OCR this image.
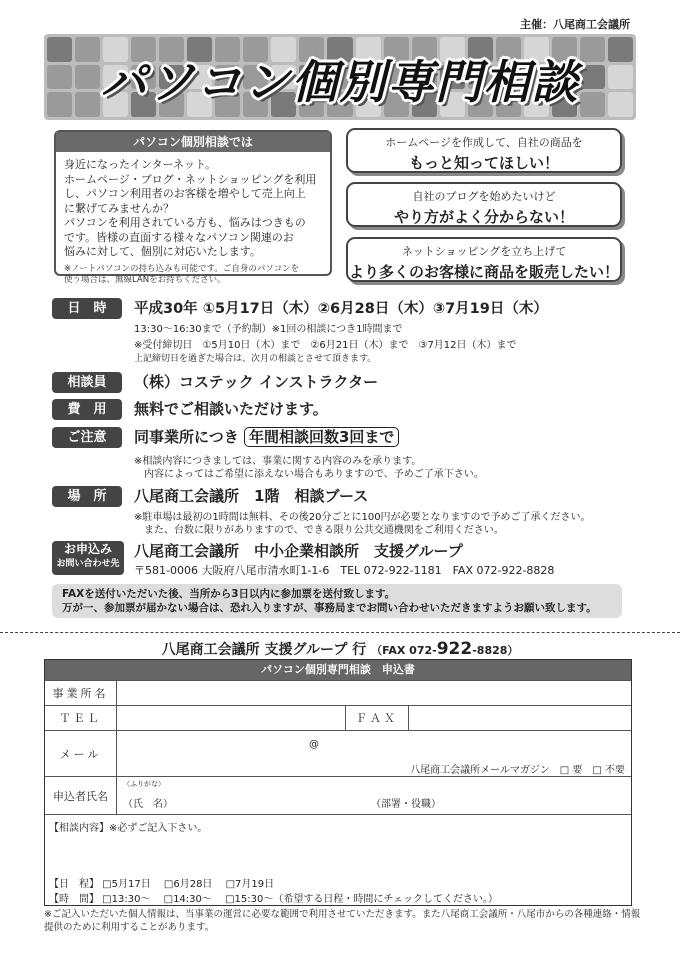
主催：八尾商工会議所
パソコン個別専門相談
パソコン個別相談では
身近になったインターネット。
ホームページ・ブログ・ネットショッピングを利用
し、パソコン利用者のお客様を増やして売上向上
に繋げてみませんか？
パソコンを利用されている方も、悩みはつきもの
です。皆様の直面する様々なパソコン関連のお
悩みに対して、個別に対応いたします。
※ノートパソコンの持ち込みも可能です。ご自身のパソコンを
使う場合は、無線LANをお持ちください。
ホームページを作成して、自社の商品を
もっと知ってほしい！
自社のブログを始めたいけど
やり方がよく分からない！
ネットショッピングを立ち上げて
より多くのお客様に商品を販売したい！
日　時	平成30年 ①5月17日（木）②6月28日（木）③7月19日（木）
13:30〜16:30まで（予約制）※1回の相談につき1時間まで
※受付締切日　①5月10日（木）まで　②6月21日（木）まで　③7月12日（木）まで
上記締切日を過ぎた場合は、次月の相談とさせて頂きます。
相談員	（株）コステック インストラクター
費　用	無料でご相談いただけます。
ご注意	同事業所につき 年間相談回数3回まで
※相談内容につきましては、事業に関する内容のみを承ります。
内容によってはご希望に添えない場合もありますので、予めご了承下さい。
場　所	八尾商工会議所　1階　相談ブース
※駐車場は最初の1時間は無料、その後20分ごとに100円が必要となりますので予めご了承ください。
また、台数に限りがありますので、できる限り公共交通機関をご利用ください。
お申込み
お問い合わせ先
八尾商工会議所　中小企業相談所　支援グループ
〒581-0006 大阪府八尾市清水町1-1-6　TEL 072-922-1181　FAX 072-922-8828
FAXを送付いただいた後、当所から3日以内に参加票を送付致します。
万が一、参加票が届かない場合は、恐れ入りますが、事務局までお問い合わせいただきますようお願い致します。
八尾商工会議所 支援グループ 行 （FAX 072-922-8828）
パソコン個別専門相談　申込書
事業所名
ＴＥＬ	ＦＡＸ
メール
@
八尾商工会議所メールマガジン　□ 要　□ 不要
申込者氏名
（ふりがな）
（氏　名）	（部署・役職）
【相談内容】※必ずご記入下さい。
【日　程】 □5月17日　 □6月28日　 □7月19日
【時　間】 □13:30〜　 □14:30〜　 □15:30〜（希望する日程・時間にチェックしてください。）
※ご記入いただいた個人情報は、当事業の運営に必要な範囲で利用させていただきます。また八尾商工会議所・八尾市からの各種連絡・情報提供のために利用することがあります。
